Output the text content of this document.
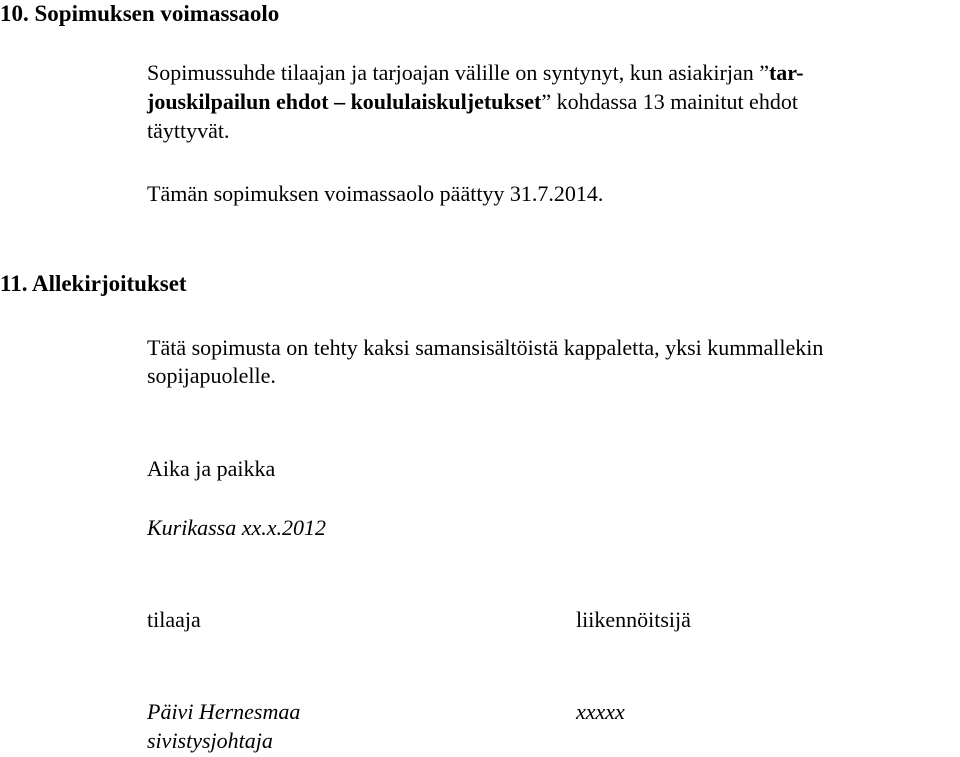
10. Sopimuksen voimassaolo

Sopimussuhde tilaajan ja tarjoajan välille on syntynyt, kun asiakirjan ”tar-

jouskilpailun ehdot – koululaiskuljetukset” kohdassa 13 mainitut ehdot

täyttyvät.

Tämän sopimuksen voimassaolo päättyy 31.7.2014.

11. Allekirjoitukset

Tätä sopimusta on tehty kaksi samansisältöistä kappaletta, yksi kummallekin

sopijapuolelle.

Aika ja paikka

Kurikassa xx.x.2012

tilaaja	liikennöitsijä

Päivi Hernesmaa	xxxxx

sivistysjohtaja
